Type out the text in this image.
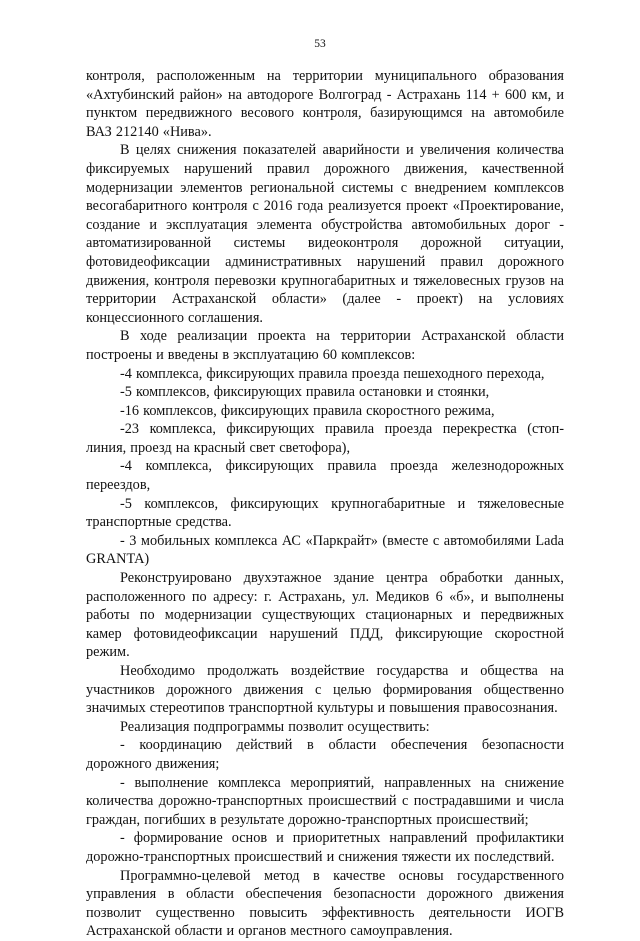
53

контроля, расположенным на территории муниципального образования «Ахтубинский район» на автодороге Волгоград - Астрахань 114 + 600 км, и пунктом передвижного весового контроля, базирующимся на автомобиле ВАЗ 212140 «Нива».

В целях снижения показателей аварийности и увеличения количества фиксируемых нарушений правил дорожного движения, качественной модернизации элементов региональной системы с внедрением комплексов весогабаритного контроля с 2016 года реализуется проект «Проектирование, создание и эксплуатация элемента обустройства автомобильных дорог - автоматизированной системы видеоконтроля дорожной ситуации, фотовидеофиксации административных нарушений правил дорожного движения, контроля перевозки крупногабаритных и тяжеловесных грузов на территории Астраханской области» (далее - проект) на условиях концессионного соглашения.

В ходе реализации проекта на территории Астраханской области построены и введены в эксплуатацию 60 комплексов:

-4 комплекса, фиксирующих правила проезда пешеходного перехода,

-5 комплексов, фиксирующих правила остановки и стоянки,

-16 комплексов, фиксирующих правила скоростного режима,

-23 комплекса, фиксирующих правила проезда перекрестка (стоп-линия, проезд на красный свет светофора),

-4 комплекса, фиксирующих правила проезда железнодорожных переездов,

-5 комплексов, фиксирующих крупногабаритные и тяжеловесные транспортные средства.

- 3 мобильных комплекса АС «Паркрайт» (вместе с автомобилями Lada GRANTA)

Реконструировано двухэтажное здание центра обработки данных, расположенного по адресу: г. Астрахань, ул. Медиков 6 «б», и выполнены работы по модернизации существующих стационарных и передвижных камер фотовидеофиксации нарушений ПДД, фиксирующие скоростной режим.

Необходимо продолжать воздействие государства и общества на участников дорожного движения с целью формирования общественно значимых стереотипов транспортной культуры и повышения правосознания.

Реализация подпрограммы позволит осуществить:

- координацию действий в области обеспечения безопасности дорожного движения;

- выполнение комплекса мероприятий, направленных на снижение количества дорожно-транспортных происшествий с пострадавшими и числа граждан, погибших в результате дорожно-транспортных происшествий;

- формирование основ и приоритетных направлений профилактики дорожно-транспортных происшествий и снижения тяжести их последствий.

Программно-целевой метод в качестве основы государственного управления в области обеспечения безопасности дорожного движения позволит существенно повысить эффективность деятельности ИОГВ Астраханской области и органов местного самоуправления.
